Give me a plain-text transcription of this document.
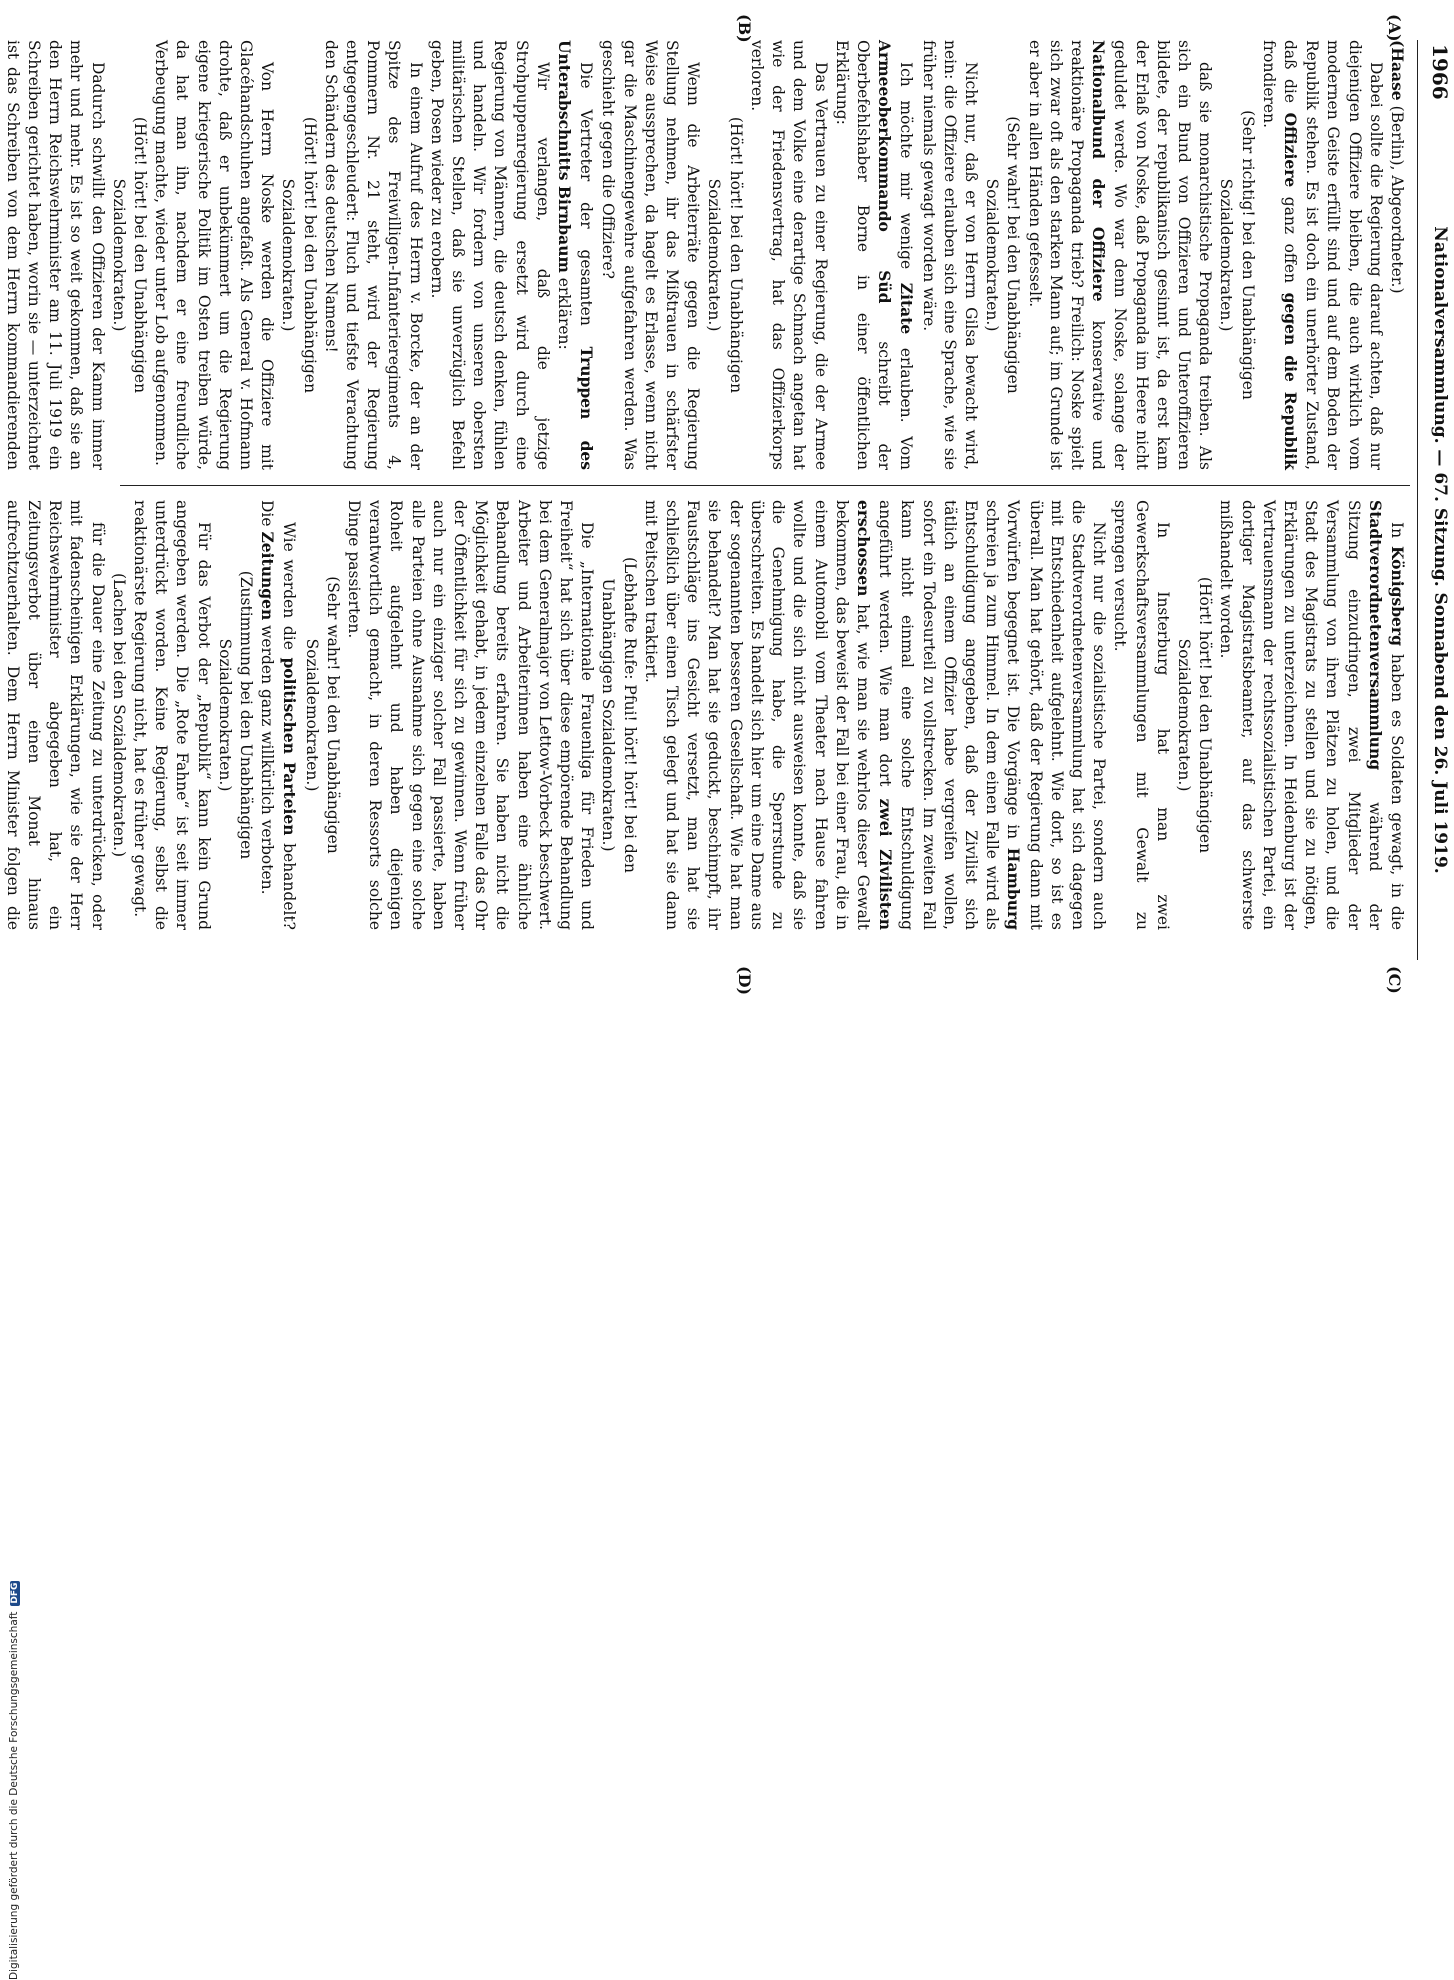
1966
Nationalversammlung. — 67. Sitzung. Sonnabend den 26. Juli 1919.
(A)
(B)
(C)
(D)

(Haase (Berlin), Abgeordneter.)

Dabei sollte die Regierung darauf achten, daß nur diejenigen Offiziere bleiben, die auch wirklich vom modernen Geiste erfüllt sind und auf dem Boden der Republik stehen. Es ist doch ein unerhörter Zustand, daß die Offiziere ganz offen gegen die Republik frondieren.

(Sehr richtig! bei den Unabhängigen Sozialdemokraten.)

daß sie monarchistische Propaganda treiben. Als sich ein Bund von Offizieren und Unteroffizieren bildete, der republikanisch gesinnt ist, da erst kam der Erlaß von Noske, daß Propaganda im Heere nicht geduldet werde. Wo war denn Noske, solange der Nationalbund der Offiziere konservative und reaktionäre Propaganda trieb? Freilich: Noske spielt sich zwar oft als den starken Mann auf; im Grunde ist er aber in allen Händen gefesselt.

(Sehr wahr! bei den Unabhängigen Sozialdemokraten.)

Nicht nur, daß er von Herrn Gilsa bewacht wird, nein: die Offiziere erlauben sich eine Sprache, wie sie früher niemals gewagt worden wäre.

Ich möchte mir wenige Zitate erlauben. Vom Armeeoberkommando Süd schreibt der Oberbefehlshaber Borne in einer öffentlichen Erklärung:

Das Vertrauen zu einer Regierung, die der Armee und dem Volke eine derartige Schmach angetan hat wie der Friedensvertrag, hat das Offizierkorps verloren.

(Hört! hört! bei den Unabhängigen Sozialdemokraten.)

Wenn die Arbeiterräte gegen die Regierung Stellung nehmen, ihr das Mißtrauen in schärfster Weise aussprechen, da hagelt es Erlasse, wenn nicht gar die Maschinengewehre aufgefahren werden. Was geschieht gegen die Offiziere?

Die Vertreter der gesamten Truppen des Unterabschnitts Birnbaum erklären:

Wir verlangen, daß die jetzige Strohpuppenregierung ersetzt wird durch eine Regierung von Männern, die deutsch denken, fühlen und handeln. Wir fordern von unseren obersten militärischen Stellen, daß sie unverzüglich Befehl geben, Posen wieder zu erobern.

In einem Aufruf des Herrn v. Borcke, der an der Spitze des Freiwilligen-Infanterieregiments 4, Pommern Nr. 21 steht, wird der Regierung entgegengeschleudert: Fluch und tiefste Verachtung den Schändern des deutschen Namens!

(Hört! hört! bei den Unabhängigen Sozialdemokraten.)

Von Herrn Noske werden die Offiziere mit Glacéhandschuhen angefaßt. Als General v. Hofmann drohte, daß er unbekümmert um die Regierung eigene kriegerische Politik im Osten treiben würde, da hat man ihn, nachdem er eine freundliche Verbeugung machte, wieder unter Lob aufgenommen.

(Hört! hört! bei den Unabhängigen Sozialdemokraten.)

Dadurch schwillt den Offizieren der Kamm immer mehr und mehr. Es ist so weit gekommen, daß sie an den Herrn Reichswehrminister am 11. Juli 1919 ein Schreiben gerichtet haben, worin sie — unterzeichnet ist das Schreiben von dem Herrn kommandierenden

In Königsberg haben es Soldaten gewagt, in die Stadtverordnetenversammlung während der Sitzung einzudringen, zwei Mitglieder der Versammlung von ihren Plätzen zu holen, und die Stadt des Magistrats zu stellen und sie zu nötigen, Erklärungen zu unterzeichnen. In Heidenburg ist der Vertrauensmann der rechtssozialistischen Partei, ein dortiger Magistratsbeamter, auf das schwerste mißhandelt worden.

(Hört! hört! bei den Unabhängigen Sozialdemokraten.)

In Insterburg hat man zwei Gewerkschaftsversammlungen mit Gewalt zu sprengen versucht.

Nicht nur die sozialistische Partei, sondern auch die Stadtverordnetenversammlung hat sich dagegen mit Entschiedenheit aufgelehnt. Wie dort, so ist es überall. Man hat gehört, daß der Regierung dann mit Vorwürfen begegnet ist. Die Vorgänge in Hamburg schreien ja zum Himmel. In dem einen Falle wird als Entschuldigung angegeben, daß der Zivilist sich tätlich an einem Offizier habe vergreifen wollen, sofort ein Todesurteil zu vollstrecken. Im zweiten Fall kann nicht einmal eine solche Entschuldigung angeführt werden. Wie man dort zwei Zivilisten erschossen hat, wie man sie wehrlos dieser Gewalt bekommen, das beweist der Fall bei einer Frau, die in einem Automobil vom Theater nach Hause fahren wollte und die sich nicht ausweisen konnte, daß sie die Genehmigung habe, die Sperrstunde zu überschreiten. Es handelt sich hier um eine Dame aus der sogenannten besseren Gesellschaft. Wie hat man sie behandelt? Man hat sie geduckt, beschimpft, ihr Faustschläge ins Gesicht versetzt, man hat sie schließlich über einen Tisch gelegt und hat sie dann mit Peitschen traktiert.

(Lebhafte Rufe: Pfui! hört! hört! bei den Unabhängigen Sozialdemokraten.)

Die „Internationale Frauenliga für Frieden und Freiheit“ hat sich über diese empörende Behandlung bei dem Generalmajor von Lettow-Vorbeck beschwert. Arbeiter und Arbeiterinnen haben eine ähnliche Behandlung bereits erfahren. Sie haben nicht die Möglichkeit gehabt, in jedem einzelnen Falle das Ohr der Öffentlichkeit für sich zu gewinnen. Wenn früher auch nur ein einziger solcher Fall passierte, haben alle Parteien ohne Ausnahme sich gegen eine solche Roheit aufgelehnt und haben diejenigen verantwortlich gemacht, in deren Ressorts solche Dinge passierten.

(Sehr wahr! bei den Unabhängigen Sozialdemokraten.)

Wie werden die politischen Parteien behandelt? Die Zeitungen werden ganz willkürlich verboten.

(Zustimmung bei den Unabhängigen Sozialdemokraten.)

Für das Verbot der „Republik“ kann kein Grund angegeben werden. Die „Rote Fahne“ ist seit immer unterdrückt worden. Keine Regierung, selbst die reaktionärste Regierung nicht, hat es früher gewagt.

(Lachen bei den Sozialdemokraten.)

für die Dauer eine Zeitung zu unterdrücken, oder mit fadenscheinigen Erklärungen, wie sie der Herr Reichswehrminister abgegeben hat, ein Zeitungsverbot über einen Monat hinaus aufrechtzuerhalten. Dem Herrn Minister folgen die

Digitalisierung gefördert durch die Deutsche ForschungsgemeinschaftDFG
